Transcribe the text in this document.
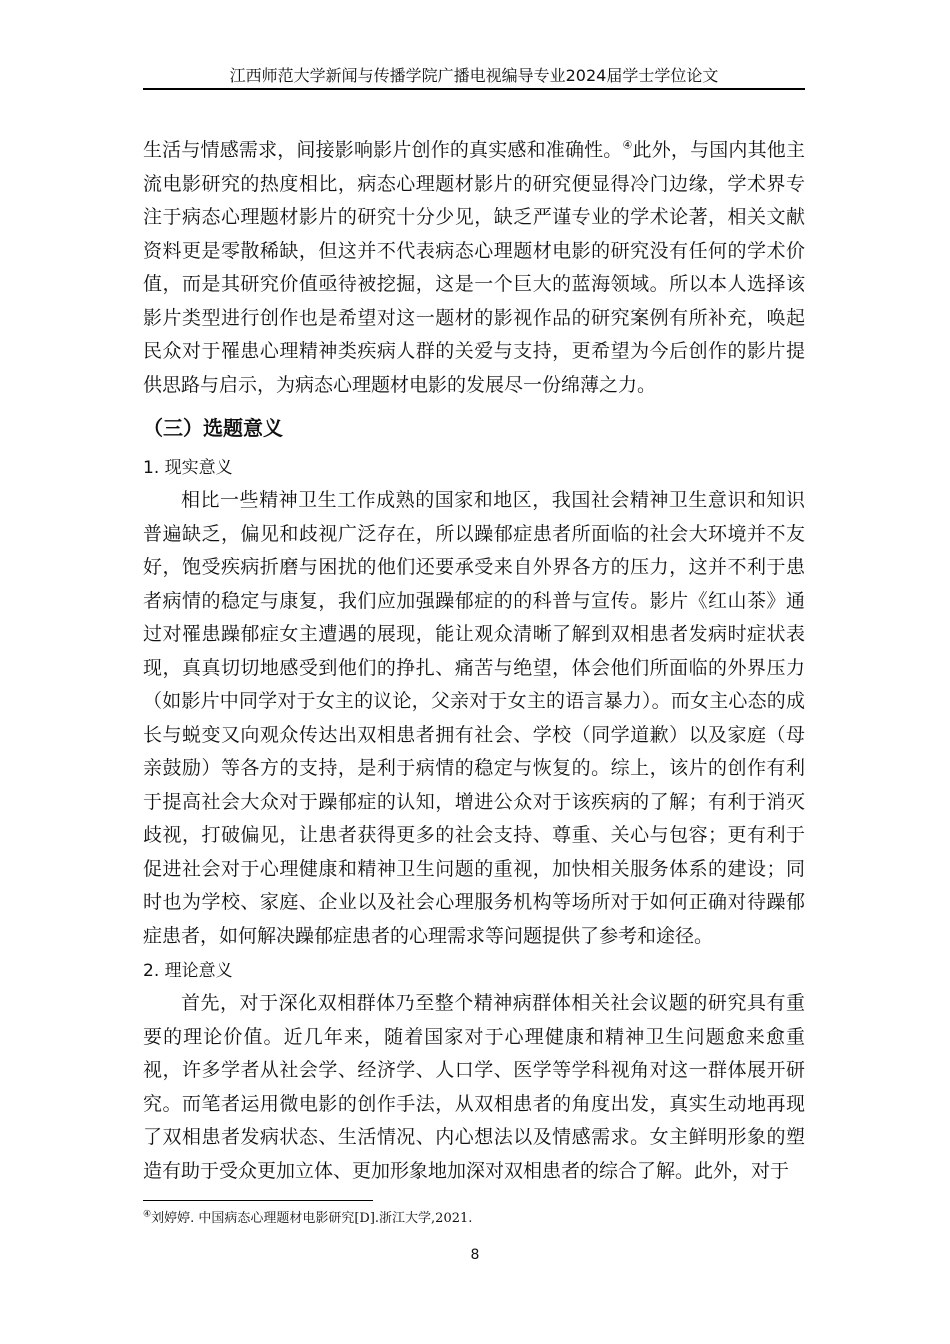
江西师范大学新闻与传播学院广播电视编导专业2024届学士学位论文

生活与情感需求，间接影响影片创作的真实感和准确性。④此外，与国内其他主流电影研究的热度相比，病态心理题材影片的研究便显得冷门边缘，学术界专注于病态心理题材影片的研究十分少见，缺乏严谨专业的学术论著，相关文献资料更是零散稀缺，但这并不代表病态心理题材电影的研究没有任何的学术价值，而是其研究价值亟待被挖掘，这是一个巨大的蓝海领域。所以本人选择该影片类型进行创作也是希望对这一题材的影视作品的研究案例有所补充，唤起民众对于罹患心理精神类疾病人群的关爱与支持，更希望为今后创作的影片提供思路与启示，为病态心理题材电影的发展尽一份绵薄之力。

（三）选题意义
1. 现实意义

相比一些精神卫生工作成熟的国家和地区，我国社会精神卫生意识和知识普遍缺乏，偏见和歧视广泛存在，所以躁郁症患者所面临的社会大环境并不友好，饱受疾病折磨与困扰的他们还要承受来自外界各方的压力，这并不利于患者病情的稳定与康复，我们应加强躁郁症的的科普与宣传。影片《红山茶》通过对罹患躁郁症女主遭遇的展现，能让观众清晰了解到双相患者发病时症状表现，真真切切地感受到他们的挣扎、痛苦与绝望，体会他们所面临的外界压力（如影片中同学对于女主的议论，父亲对于女主的语言暴力）。而女主心态的成长与蜕变又向观众传达出双相患者拥有社会、学校（同学道歉）以及家庭（母亲鼓励）等各方的支持，是利于病情的稳定与恢复的。综上，该片的创作有利于提高社会大众对于躁郁症的认知，增进公众对于该疾病的了解；有利于消灭歧视，打破偏见，让患者获得更多的社会支持、尊重、关心与包容；更有利于促进社会对于心理健康和精神卫生问题的重视，加快相关服务体系的建设；同时也为学校、家庭、企业以及社会心理服务机构等场所对于如何正确对待躁郁症患者，如何解决躁郁症患者的心理需求等问题提供了参考和途径。

2. 理论意义

首先，对于深化双相群体乃至整个精神病群体相关社会议题的研究具有重要的理论价值。近几年来，随着国家对于心理健康和精神卫生问题愈来愈重视，许多学者从社会学、经济学、人口学、医学等学科视角对这一群体展开研究。而笔者运用微电影的创作手法，从双相患者的角度出发，真实生动地再现了双相患者发病状态、生活情况、内心想法以及情感需求。女主鲜明形象的塑造有助于受众更加立体、更加形象地加深对双相患者的综合了解。此外，对于

④刘婷婷. 中国病态心理题材电影研究[D].浙江大学,2021.
8
